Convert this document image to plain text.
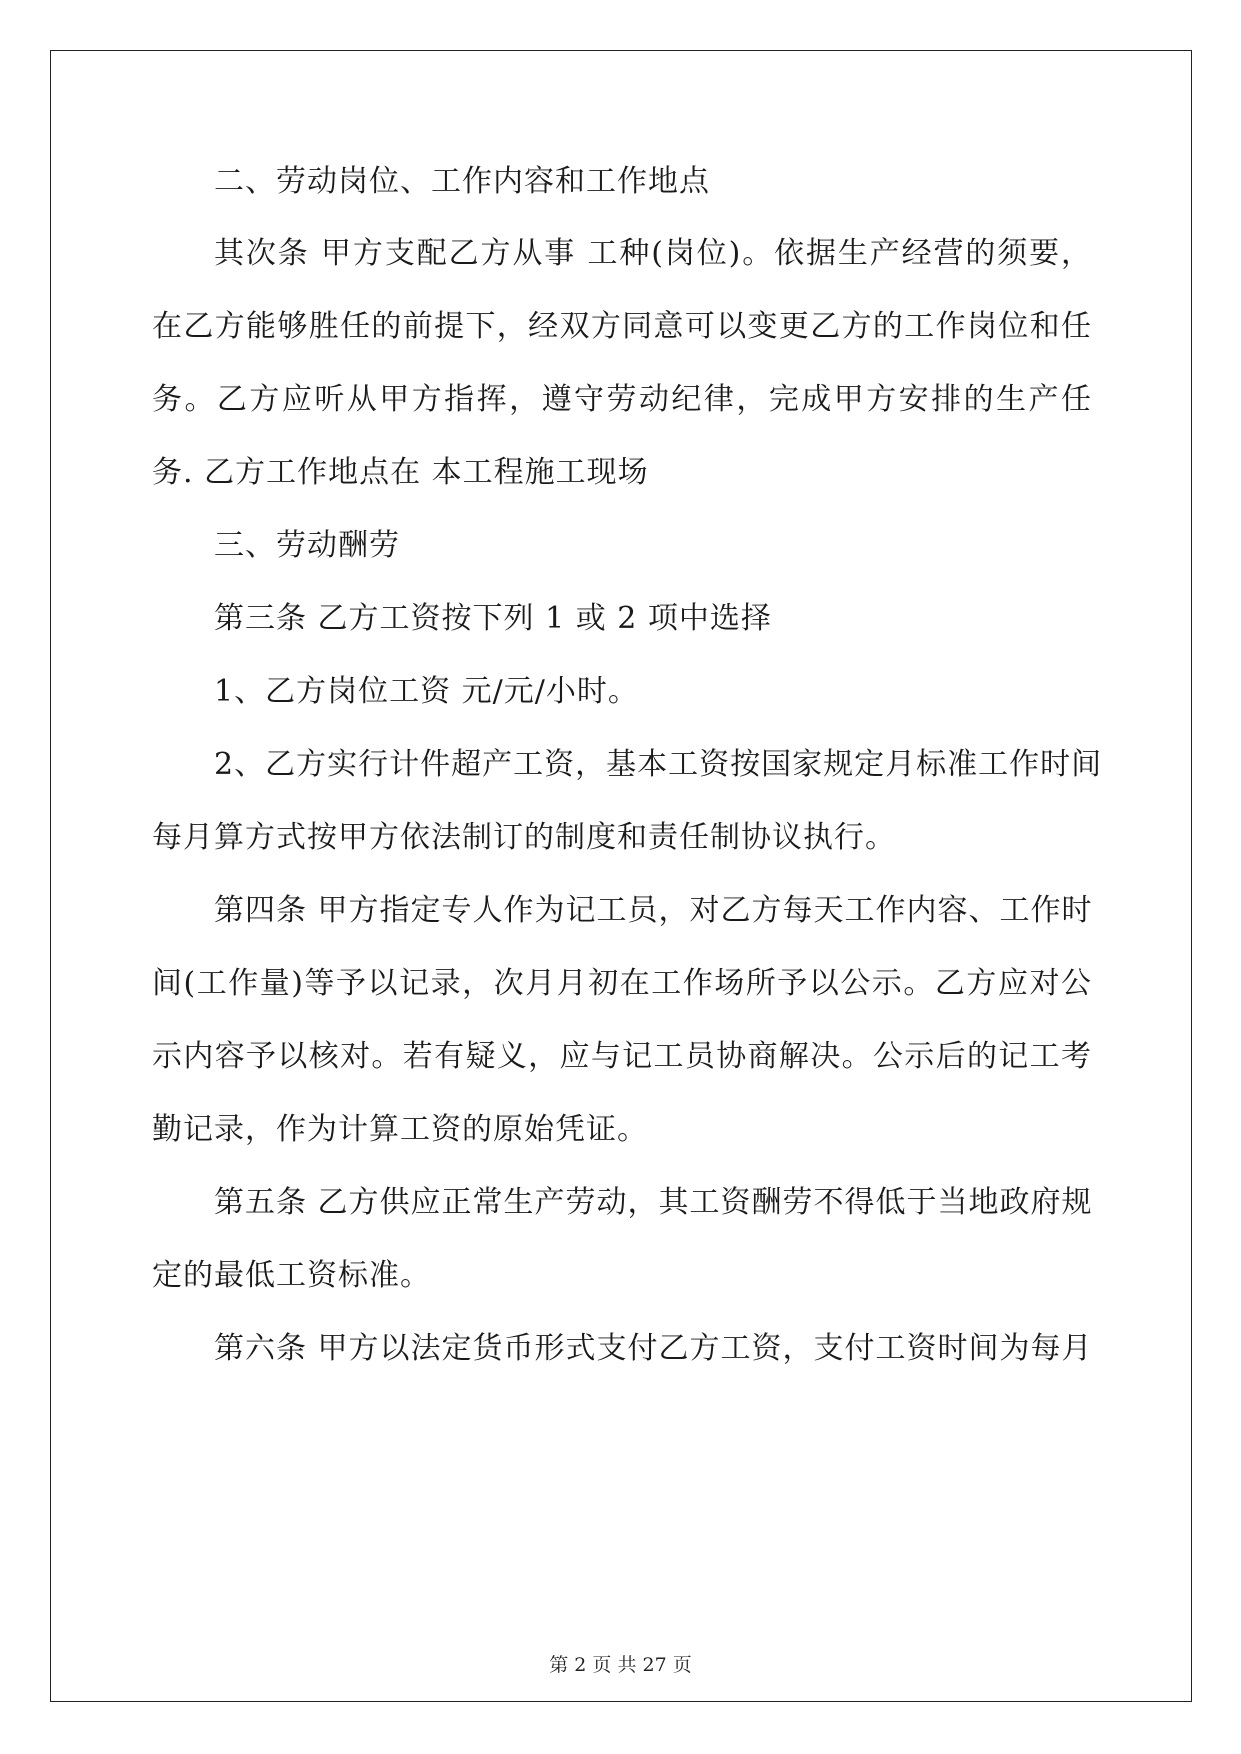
二、劳动岗位、工作内容和工作地点
其次条 甲方支配乙方从事 工种(岗位)。依据生产经营的须要，
在乙方能够胜任的前提下，经双方同意可以变更乙方的工作岗位和任
务。乙方应听从甲方指挥，遵守劳动纪律，完成甲方安排的生产任
务. 乙方工作地点在 本工程施工现场
三、劳动酬劳
第三条 乙方工资按下列 1 或 2 项中选择
1、乙方岗位工资 元/元/小时。
2、乙方实行计件超产工资，基本工资按国家规定月标准工作时间
每月算方式按甲方依法制订的制度和责任制协议执行。
第四条 甲方指定专人作为记工员，对乙方每天工作内容、工作时
间(工作量)等予以记录，次月月初在工作场所予以公示。乙方应对公
示内容予以核对。若有疑义，应与记工员协商解决。公示后的记工考
勤记录，作为计算工资的原始凭证。
第五条 乙方供应正常生产劳动，其工资酬劳不得低于当地政府规
定的最低工资标准。
第六条 甲方以法定货币形式支付乙方工资，支付工资时间为每月
第 2 页 共 27 页
